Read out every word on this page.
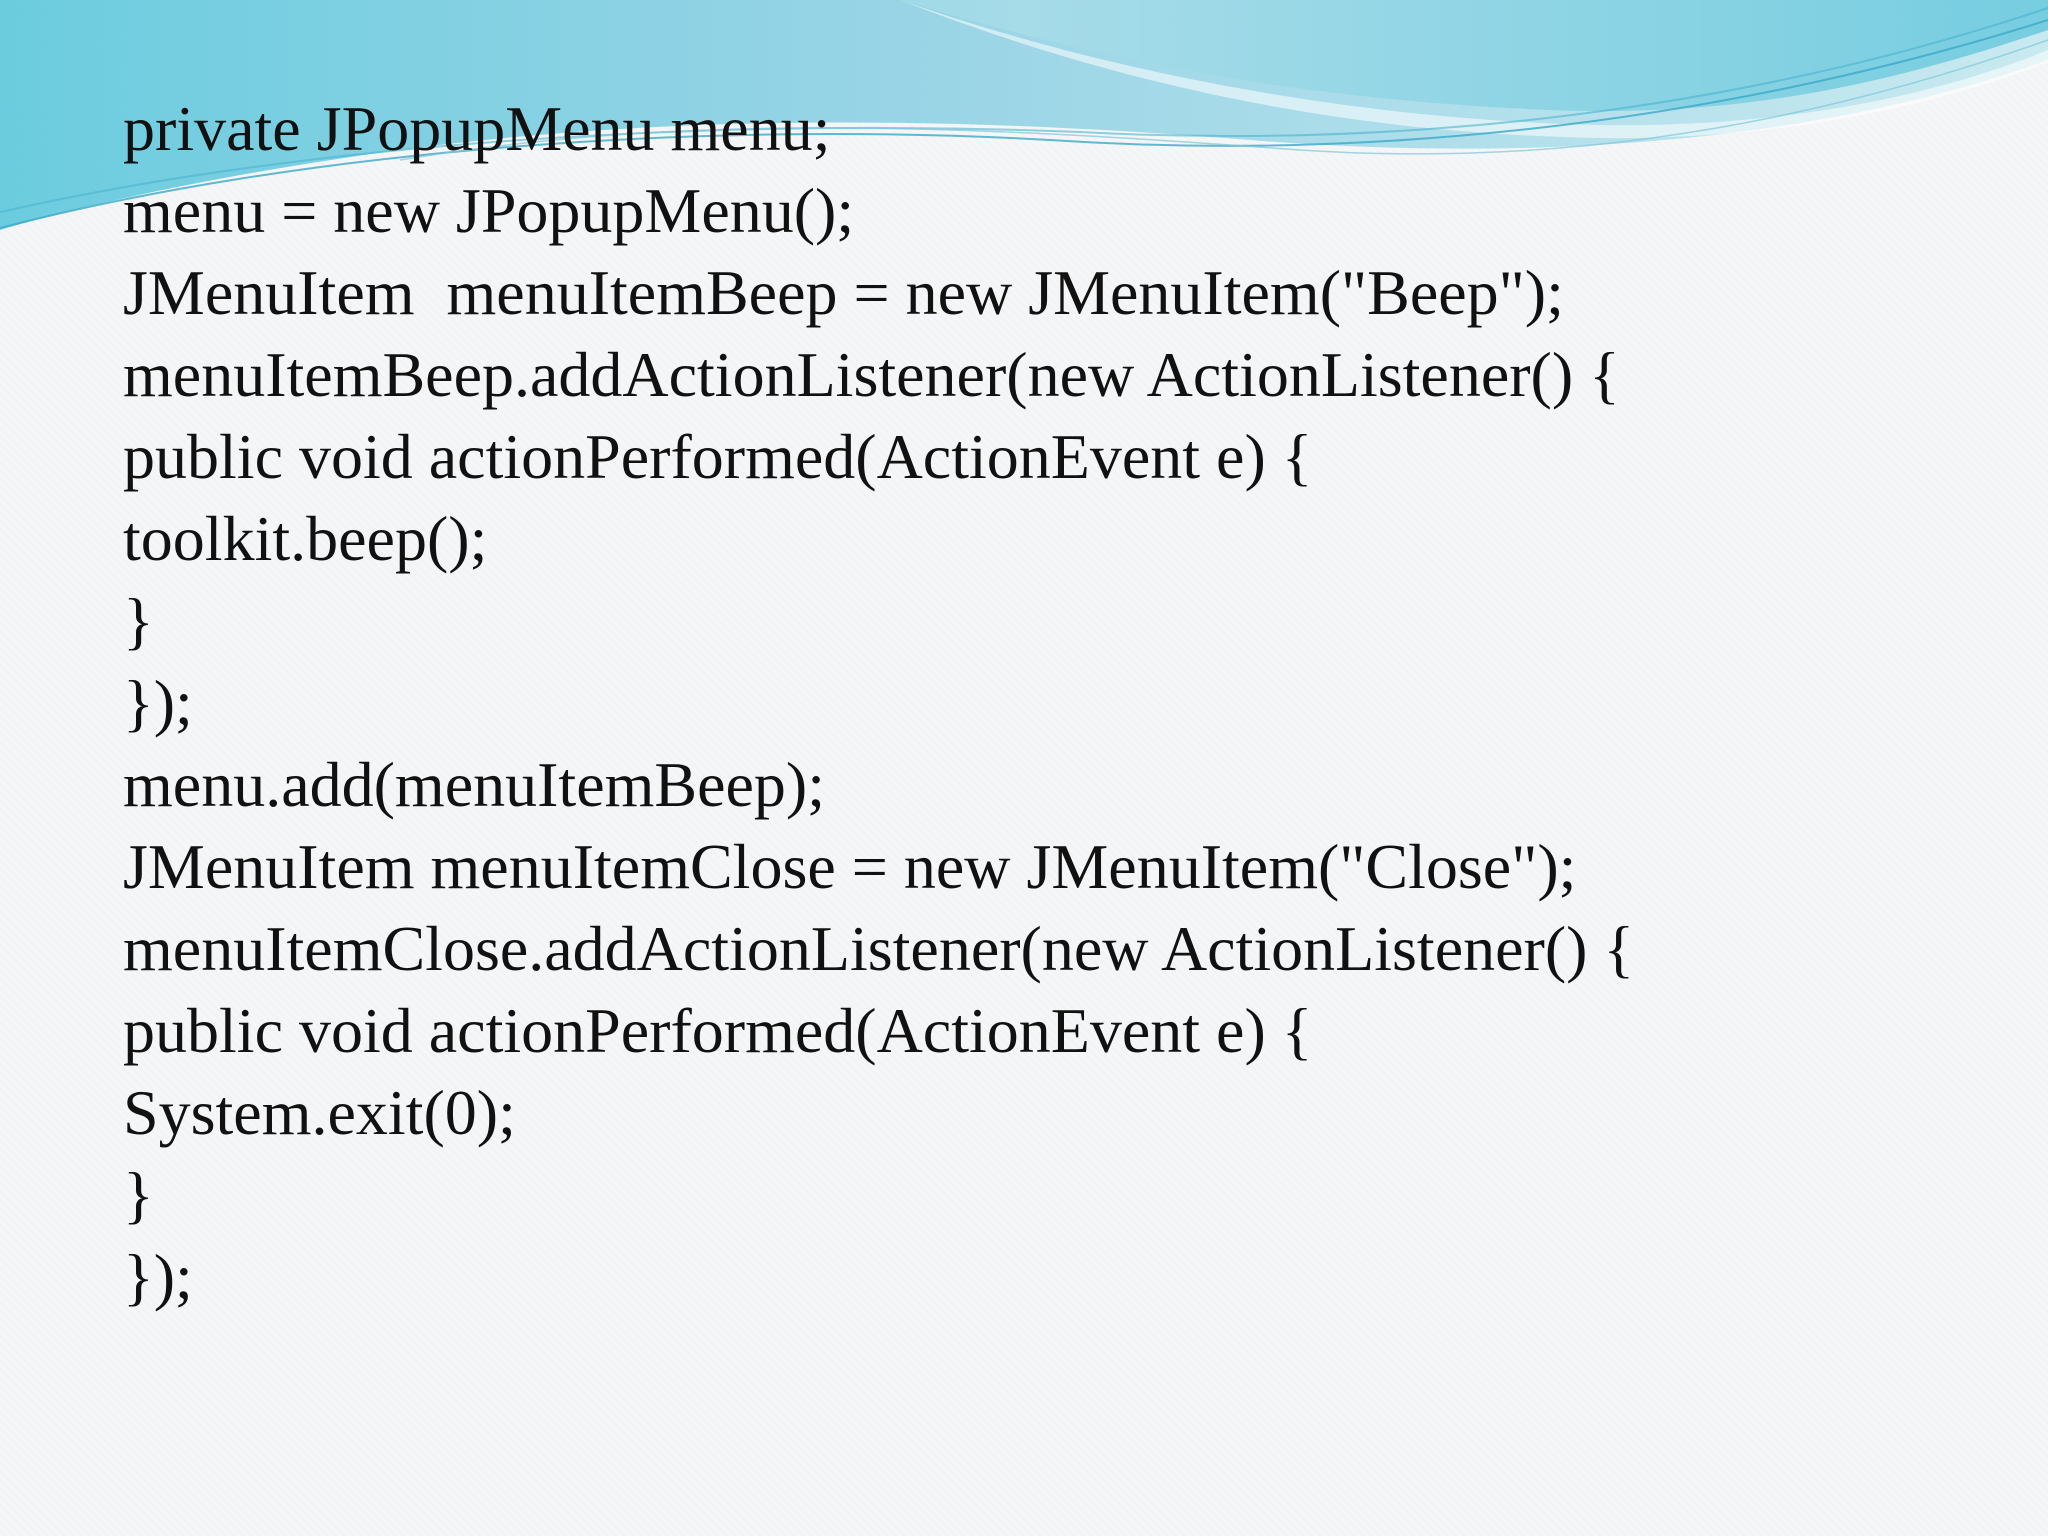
private JPopupMenu menu;
menu = new JPopupMenu();
JMenuItem  menuItemBeep = new JMenuItem("Beep");
menuItemBeep.addActionListener(new ActionListener() {
public void actionPerformed(ActionEvent e) {
toolkit.beep();
}
});
menu.add(menuItemBeep);
JMenuItem menuItemClose = new JMenuItem("Close");
menuItemClose.addActionListener(new ActionListener() {
public void actionPerformed(ActionEvent e) {
System.exit(0);
}
});
